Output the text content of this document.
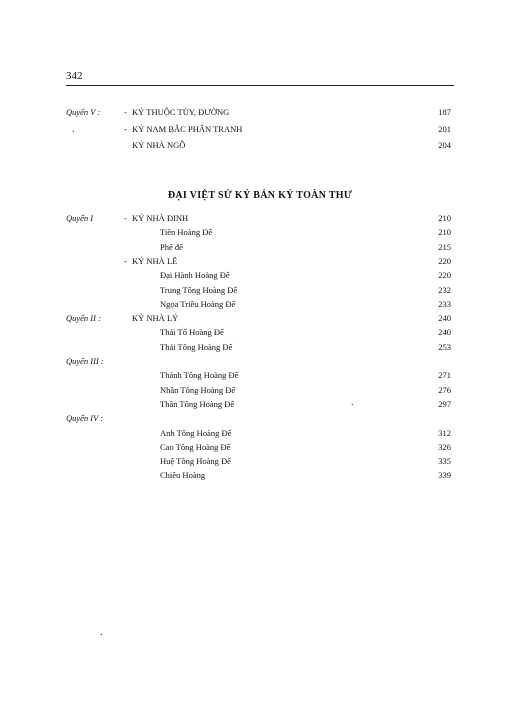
342
Quyển V :	- KỶ THUỘC TÙY, ĐƯỜNG	187
- KỶ NAM BẮC PHÂN TRANH	201
KỶ NHÀ NGÔ	204
ĐẠI VIỆT SỬ KÝ BẢN KỶ TOÀN THƯ
Quyển I	- KỶ NHÀ ĐINH	210
Tiên Hoàng Đế	210
Phế đế	215
- KỶ NHÀ LÊ	220
Đại Hành Hoàng Đế	220
Trung Tông Hoàng Đế	232
Ngọa Triều Hoàng Đế	233
Quyển II :	KỶ NHÀ LÝ	240
Thái Tổ Hoàng Đế	240
Thái Tông Hoàng Đế	253
Quyển III :
Thánh Tông Hoàng Đế	271
Nhân Tông Hoàng Đế	276
Thần Tông Hoàng Đế	297
Quyển IV :
Anh Tông Hoàng Đế	312
Cao Tông Hoàng Đế	326
Huệ Tông Hoàng Đế	335
Chiêu Hoàng	339
.
.
.
